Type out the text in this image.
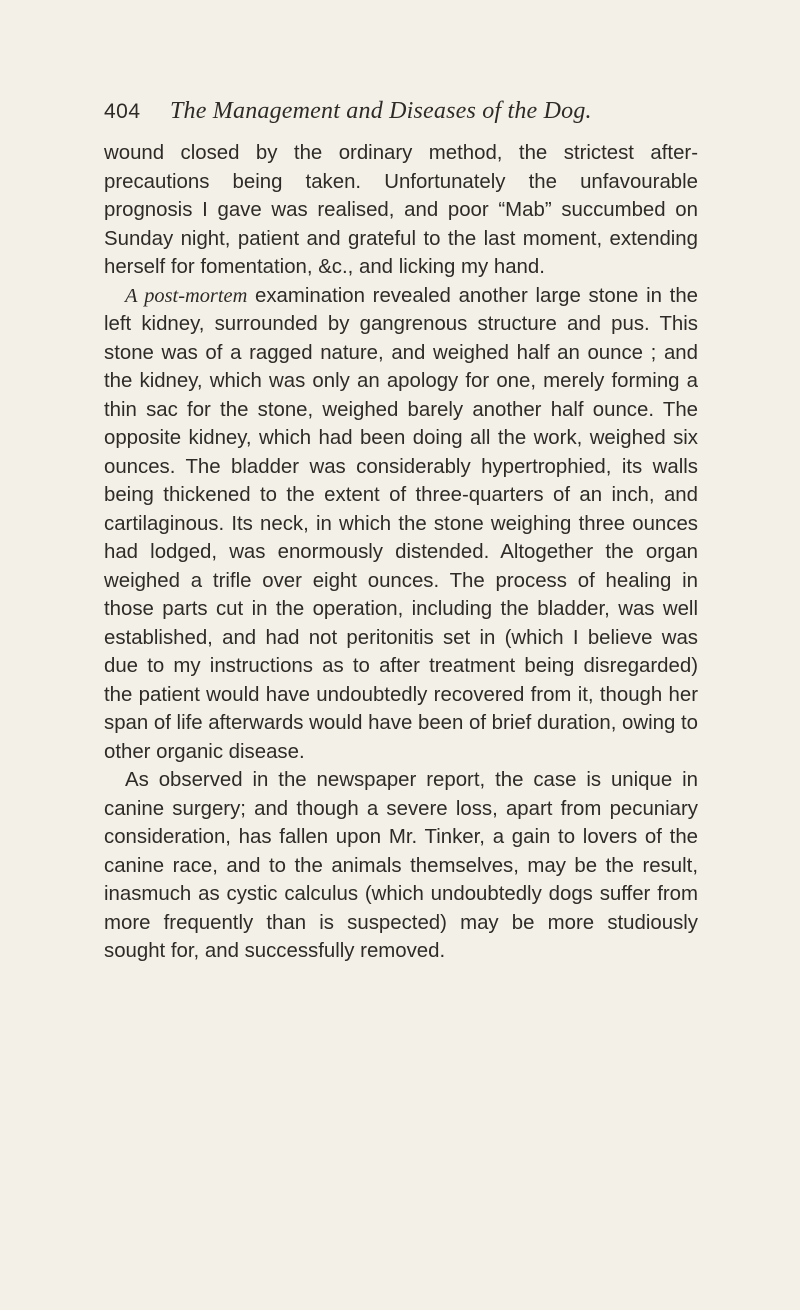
404	The Management and Diseases of the Dog.

wound closed by the ordinary method, the strictest after-precautions being taken. Unfortunately the unfavourable prognosis I gave was realised, and poor “Mab” succumbed on Sunday night, patient and grateful to the last moment, extending herself for fomentation, &c., and licking my hand.

A post-mortem examination revealed another large stone in the left kidney, surrounded by gangrenous structure and pus. This stone was of a ragged nature, and weighed half an ounce ; and the kidney, which was only an apology for one, merely forming a thin sac for the stone, weighed barely another half ounce. The opposite kidney, which had been doing all the work, weighed six ounces. The bladder was considerably hypertrophied, its walls being thickened to the extent of three-quarters of an inch, and cartilaginous. Its neck, in which the stone weighing three ounces had lodged, was enormously distended. Altogether the organ weighed a trifle over eight ounces. The process of healing in those parts cut in the operation, including the bladder, was well established, and had not peritonitis set in (which I believe was due to my instructions as to after treatment being disregarded) the patient would have undoubtedly recovered from it, though her span of life afterwards would have been of brief duration, owing to other organic disease.

As observed in the newspaper report, the case is unique in canine surgery; and though a severe loss, apart from pecuniary consideration, has fallen upon Mr. Tinker, a gain to lovers of the canine race, and to the animals themselves, may be the result, inasmuch as cystic calculus (which undoubtedly dogs suffer from more frequently than is suspected) may be more studiously sought for, and successfully removed.
